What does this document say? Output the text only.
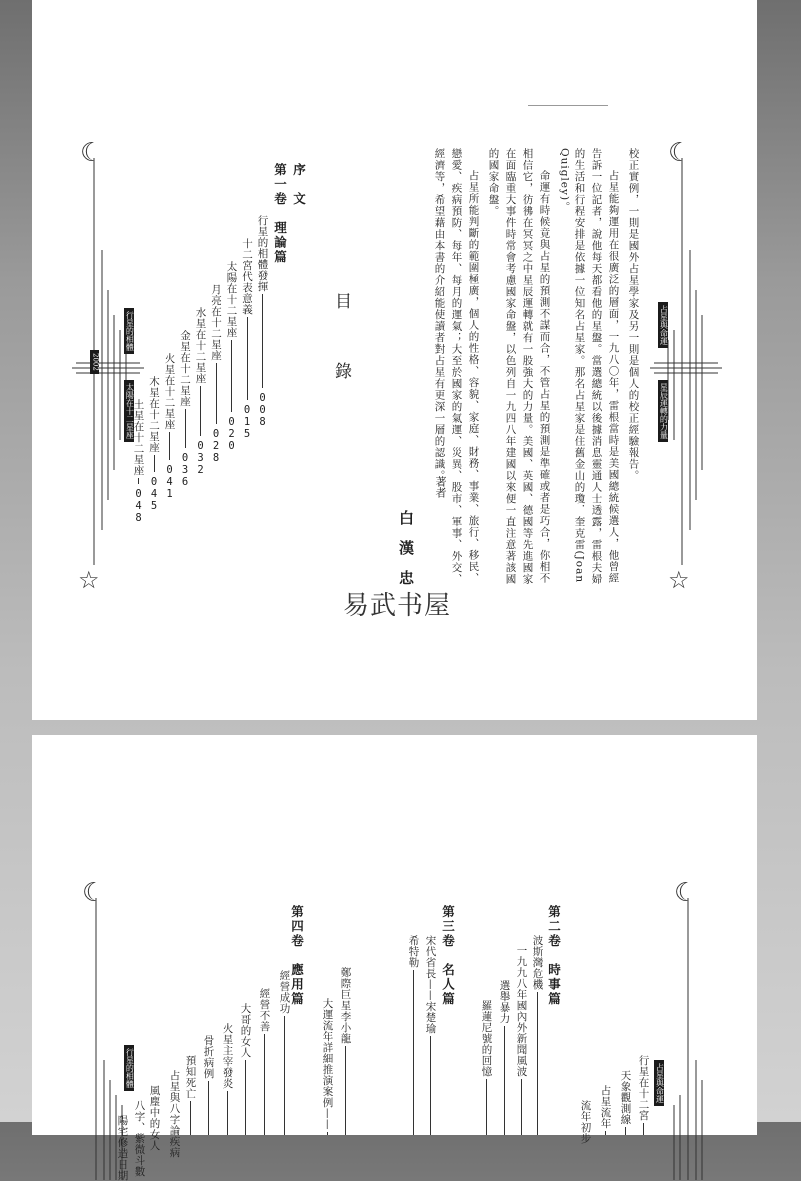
☾
☆
行星的相體
太陽在十二星座
2002
☾
☆
占星與命運
星辰運轉的力量
目　錄
序　文
第一卷　理論篇
行星的相體發揮
008
十二宮代表意義
015
太陽在十二星座
020
月亮在十二星座
028
水星在十二星座
032
金星在十二星座
036
火星在十二星座
041
木星在十二星座
045
土星在十二星座
048
校正實例，一則是國外占星學家及另一則是個人的校正經驗報告。
占星能夠運用在很廣泛的層面，一九八〇年，雷根當時是美國總統候選人，他曾經
告訴一位記者，說他每天都看他的星盤。當選總統以後據消息靈通人士透露，雷根夫婦
的生活和行程安排是依據一位知名占星家。那名占星家是住舊金山的瓊．奎克雷(Joan
Quigley)。
命運有時候竟與占星的預測不謀而合，不管占星的預測是準確或者是巧合，你相不
相信它，彷彿在冥冥之中星辰運轉就有一股強大的力量。美國、英國、德國等先進國家
在面臨重大事件時常會考慮國家命盤，以色列自一九四八年建國以來便一直注意著該國
的國家命盤。
占星所能判斷的範圍極廣，個人的性格、容貌、家庭、財務、事業、旅行、移民、
戀愛、疾病預防、每年、每月的運氣；大至於國家的氣運、災異、股市、軍事、外交、
經濟等，希望藉由本書的介紹能使讀者對占星有更深一層的認識。
著者
白　漢　忠
易武书屋
☾
行星的相體
☾
占星與命運
第二卷　時事篇
第三卷　名人篇
第四卷　應用篇	波斯灣危機
一九九八年國內外新聞風波
選舉暴力
羅蓮尼號的回憶
宋代省長——宋楚瑜
希特勒
鄭際巨星李小龍
大運流年詳細推演案例——
經營成功
經營不善
大哥的女人
火星主宰發炎
骨折病例
預知死亡
占星與八字論疾病
風塵中的女人
八字、紫微斗數
陽宅修造日期
行星在十二宮
天象觀測線
占星流年
流年初步
